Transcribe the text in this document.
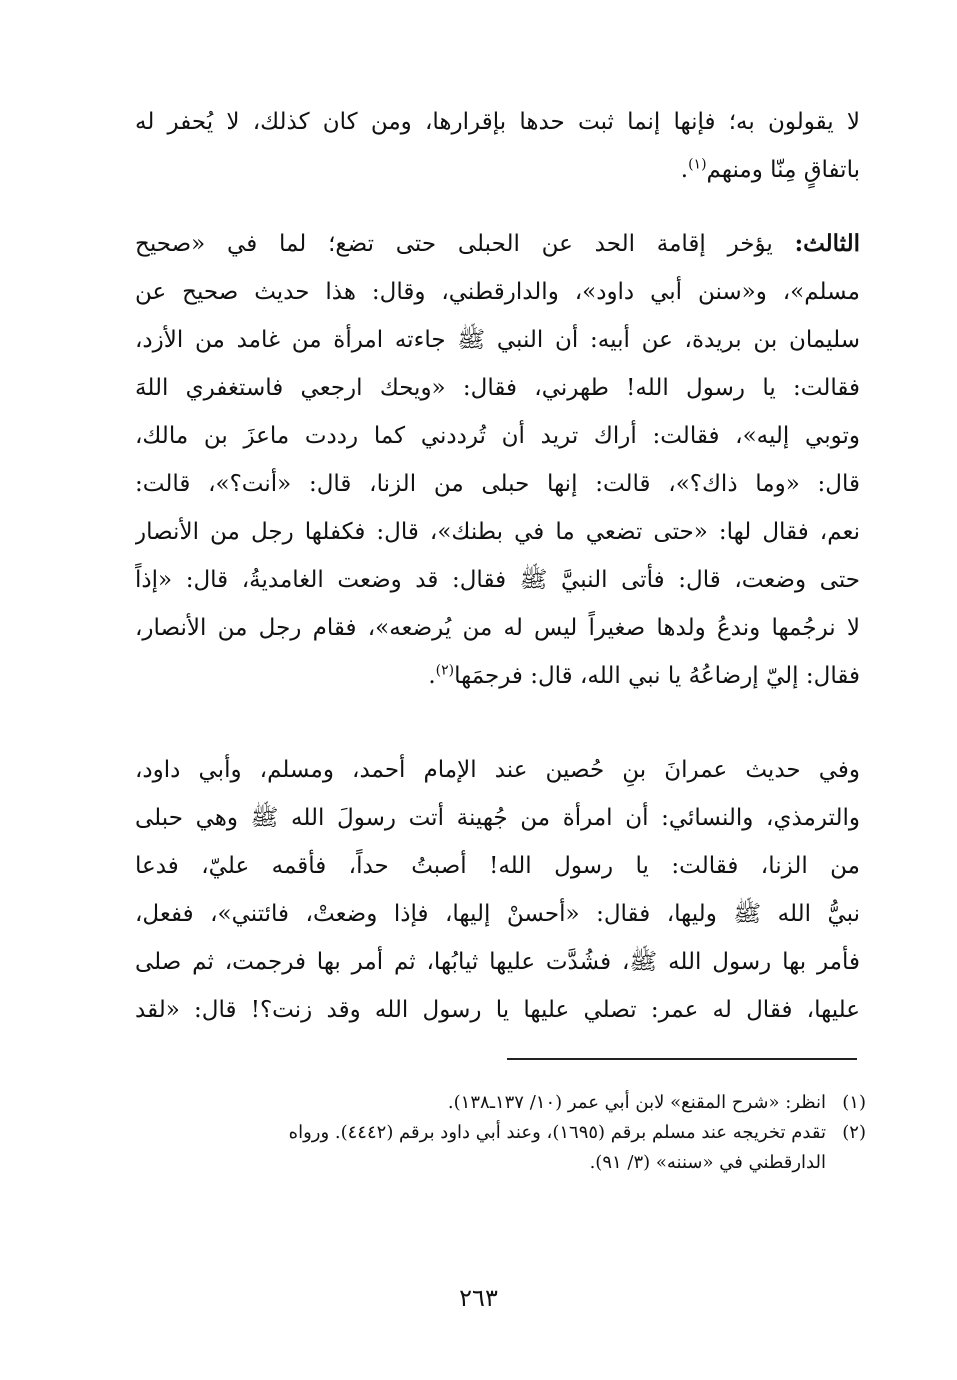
لا يقولون به؛ فإنها إنما ثبت حدها بإقرارها، ومن كان كذلك، لا يُحفر له
باتفاقٍ مِنّا ومنهم$^{(١)}$.
الثالث: يؤخر إقامة الحد عن الحبلى حتى تضع؛ لما في «صحيح
مسلم»، و«سنن أبي داود»، والدارقطني، وقال: هذا حديث صحيح عن
سليمان بن بريدة، عن أبيه: أن النبي ﷺ جاءته امرأة من غامد من الأزد،
فقالت: يا رسول الله! طهرني، فقال: «ويحك ارجعي فاستغفري اللهَ
وتوبي إليه»، فقالت: أراك تريد أن تُرددني كما رددت ماعزَ بن مالك،
قال: «وما ذاك؟»، قالت: إنها حبلى من الزنا، قال: «أنت؟»، قالت:
نعم، فقال لها: «حتى تضعي ما في بطنك»، قال: فكفلها رجل من الأنصار
حتى وضعت، قال: فأتى النبيَّ ﷺ فقال: قد وضعت الغامديةُ، قال: «إذاً
لا نرجُمها وندعُ ولدها صغيراً ليس له من يُرضعه»، فقام رجل من الأنصار،
فقال: إليّ إرضاعُهُ يا نبي الله، قال: فرجمَها$^{(٢)}$.
وفي حديث عمرانَ بنِ حُصين عند الإمام أحمد، ومسلم، وأبي داود،
والترمذي، والنسائي: أن امرأة من جُهينة أتت رسولَ الله ﷺ وهي حبلى
من الزنا، فقالت: يا رسول الله! أصبتُ حداً، فأقمه عليّ، فدعا
نبيُّ الله ﷺ وليها، فقال: «أحسنْ إليها، فإذا وضعتْ، فائتني»، ففعل،
فأمر بها رسول الله ﷺ، فشُدَّت عليها ثيابُها، ثم أمر بها فرجمت، ثم صلى
عليها، فقال له عمر: تصلي عليها يا رسول الله وقد زنت؟! قال: «لقد
(١)
انظر: «شرح المقنع» لابن أبي عمر (١٠/ ١٣٧ـ١٣٨).
(٢)
تقدم تخريجه عند مسلم برقم (١٦٩٥)، وعند أبي داود برقم (٤٤٤٢). ورواه
الدارقطني في «سننه» (٣/ ٩١).
٢٦٣
